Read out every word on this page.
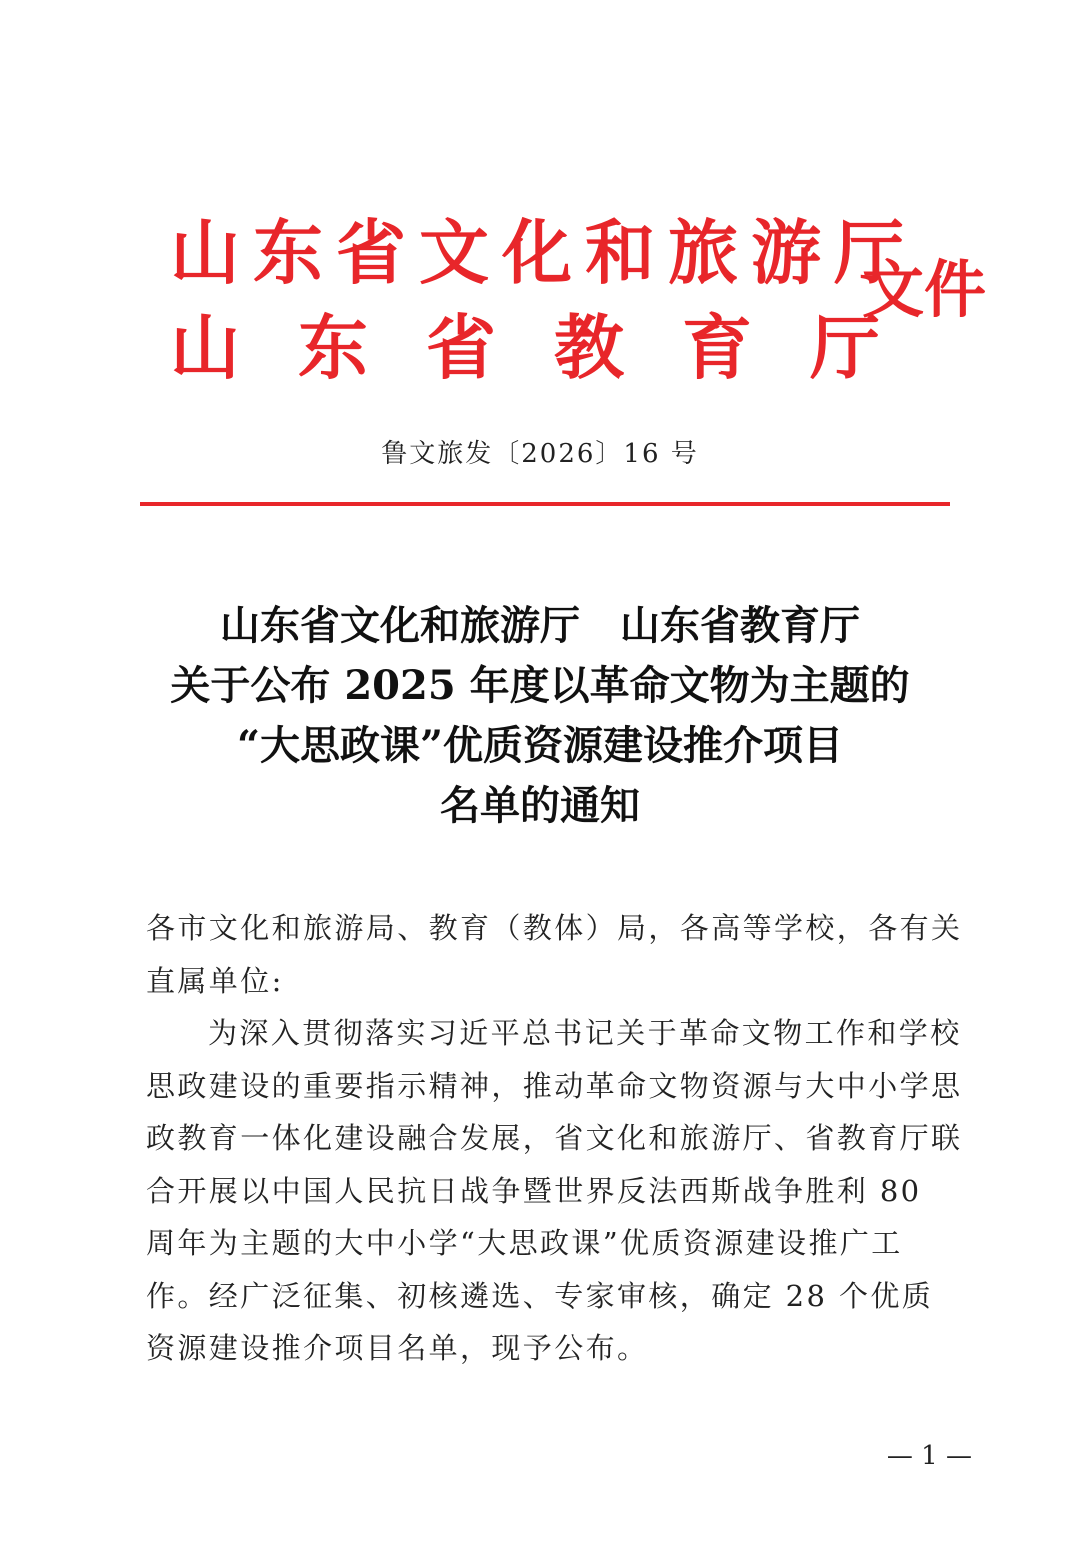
山东省文化和旅游厅
山东省教育厅
文件
鲁文旅发〔2026〕16 号
山东省文化和旅游厅　山东省教育厅
关于公布 2025 年度以革命文物为主题的
“大思政课”优质资源建设推介项目
名单的通知

各市文化和旅游局、教育（教体）局，各高等学校，各有关直属单位:

为深入贯彻落实习近平总书记关于革命文物工作和学校思政建设的重要指示精神，推动革命文物资源与大中小学思政教育一体化建设融合发展，省文化和旅游厅、省教育厅联合开展以中国人民抗日战争暨世界反法西斯战争胜利 80 周年为主题的大中小学“大思政课”优质资源建设推广工作。经广泛征集、初核遴选、专家审核，确定 28 个优质资源建设推介项目名单，现予公布。

— 1 —
